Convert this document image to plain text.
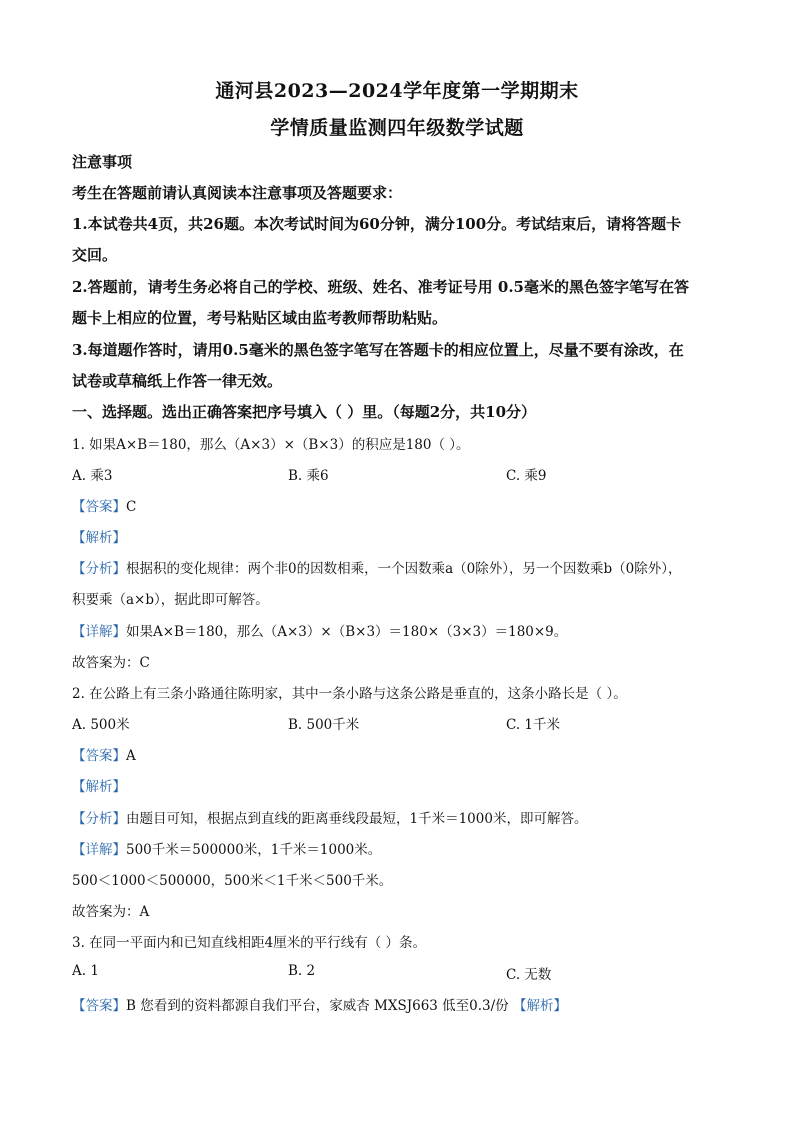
通河县2023—2024学年度第一学期期末
学情质量监测四年级数学试题
注意事项
考生在答题前请认真阅读本注意事项及答题要求：
1.本试卷共4页，共26题。本次考试时间为60分钟，满分100分。考试结束后，请将答题卡
交回。
2.答题前，请考生务必将自己的学校、班级、姓名、准考证号用 0.5毫米的黑色签字笔写在答
题卡上相应的位置，考号粘贴区域由监考教师帮助粘贴。
3.每道题作答时，请用0.5毫米的黑色签字笔写在答题卡的相应位置上，尽量不要有涂改，在
试卷或草稿纸上作答一律无效。
一、选择题。选出正确答案把序号填入（ ）里。（每题2分，共10分）
1. 如果A×B＝180，那么（A×3）×（B×3）的积应是180（ ）。
A. 乘3	B. 乘6	C. 乘9
【答案】C
【解析】
【分析】根据积的变化规律：两个非0的因数相乘，一个因数乘a（0除外），另一个因数乘b（0除外），
积要乘（a×b），据此即可解答。
【详解】如果A×B＝180，那么（A×3）×（B×3）＝180×（3×3）＝180×9。
故答案为：C
2. 在公路上有三条小路通往陈明家，其中一条小路与这条公路是垂直的，这条小路长是（ ）。
A. 500米	B. 500千米	C. 1千米
【答案】A
【解析】
【分析】由题目可知，根据点到直线的距离垂线段最短，1千米＝1000米，即可解答。
【详解】500千米＝500000米，1千米＝1000米。
500＜1000＜500000，500米＜1千米＜500千米。
故答案为：A
3. 在同一平面内和已知直线相距4厘米的平行线有（ ）条。
A. 1	B. 2	C. 无数
【答案】B 您看到的资料都源自我们平台，家威杏 MXSJ663 低至0.3/份 【解析】
